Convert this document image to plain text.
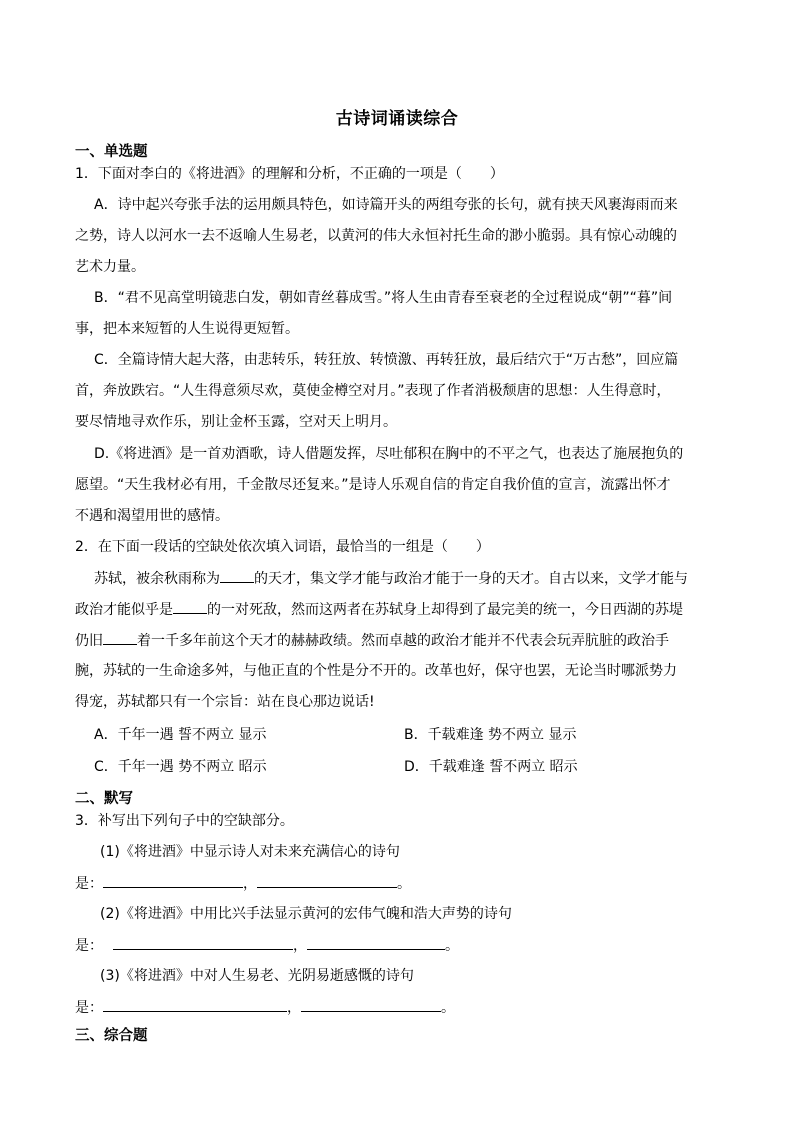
古诗词诵读综合
一、单选题
1．下面对李白的《将进酒》的理解和分析，不正确的一项是（　　）
A．诗中起兴夸张手法的运用颇具特色，如诗篇开头的两组夸张的长句，就有挟天风裹海雨而来
之势，诗人以河水一去不返喻人生易老，以黄河的伟大永恒衬托生命的渺小脆弱。具有惊心动魄的
艺术力量。
B．“君不见高堂明镜悲白发，朝如青丝暮成雪。”将人生由青春至衰老的全过程说成“朝”“暮”间
事，把本来短暂的人生说得更短暂。
C．全篇诗情大起大落，由悲转乐，转狂放、转愤激、再转狂放，最后结穴于“万古愁”，回应篇
首，奔放跌宕。“人生得意须尽欢，莫使金樽空对月。”表现了作者消极颓唐的思想：人生得意时，
要尽情地寻欢作乐，别让金杯玉露，空对天上明月。
D.《将进酒》是一首劝酒歌，诗人借题发挥，尽吐郁积在胸中的不平之气，也表达了施展抱负的
愿望。“天生我材必有用，千金散尽还复来。”是诗人乐观自信的肯定自我价值的宣言，流露出怀才
不遇和渴望用世的感情。
2．在下面一段话的空缺处依次填入词语，最恰当的一组是（　　）
苏轼，被余秋雨称为 的天才，集文学才能与政治才能于一身的天才。自古以来，文学才能与
政治才能似乎是 的一对死敌，然而这两者在苏轼身上却得到了最完美的统一，今日西湖的苏堤
仍旧 着一千多年前这个天才的赫赫政绩。然而卓越的政治才能并不代表会玩弄肮脏的政治手
腕，苏轼的一生命途多舛，与他正直的个性是分不开的。改革也好，保守也罢，无论当时哪派势力
得宠，苏轼都只有一个宗旨：站在良心那边说话!
A．千年一遇 誓不两立 显示	B．千载难逢 势不两立 显示
C．千年一遇 势不两立 昭示	D．千载难逢 誓不两立 昭示
二、默写
3．补写出下列句子中的空缺部分。
(1)《将进酒》中显示诗人对未来充满信心的诗句
是：	，	。
(2)《将进酒》中用比兴手法显示黄河的宏伟气魄和浩大声势的诗句
是：	，	。
(3)《将进酒》中对人生易老、光阴易逝感慨的诗句
是：	，	。
三、综合题
